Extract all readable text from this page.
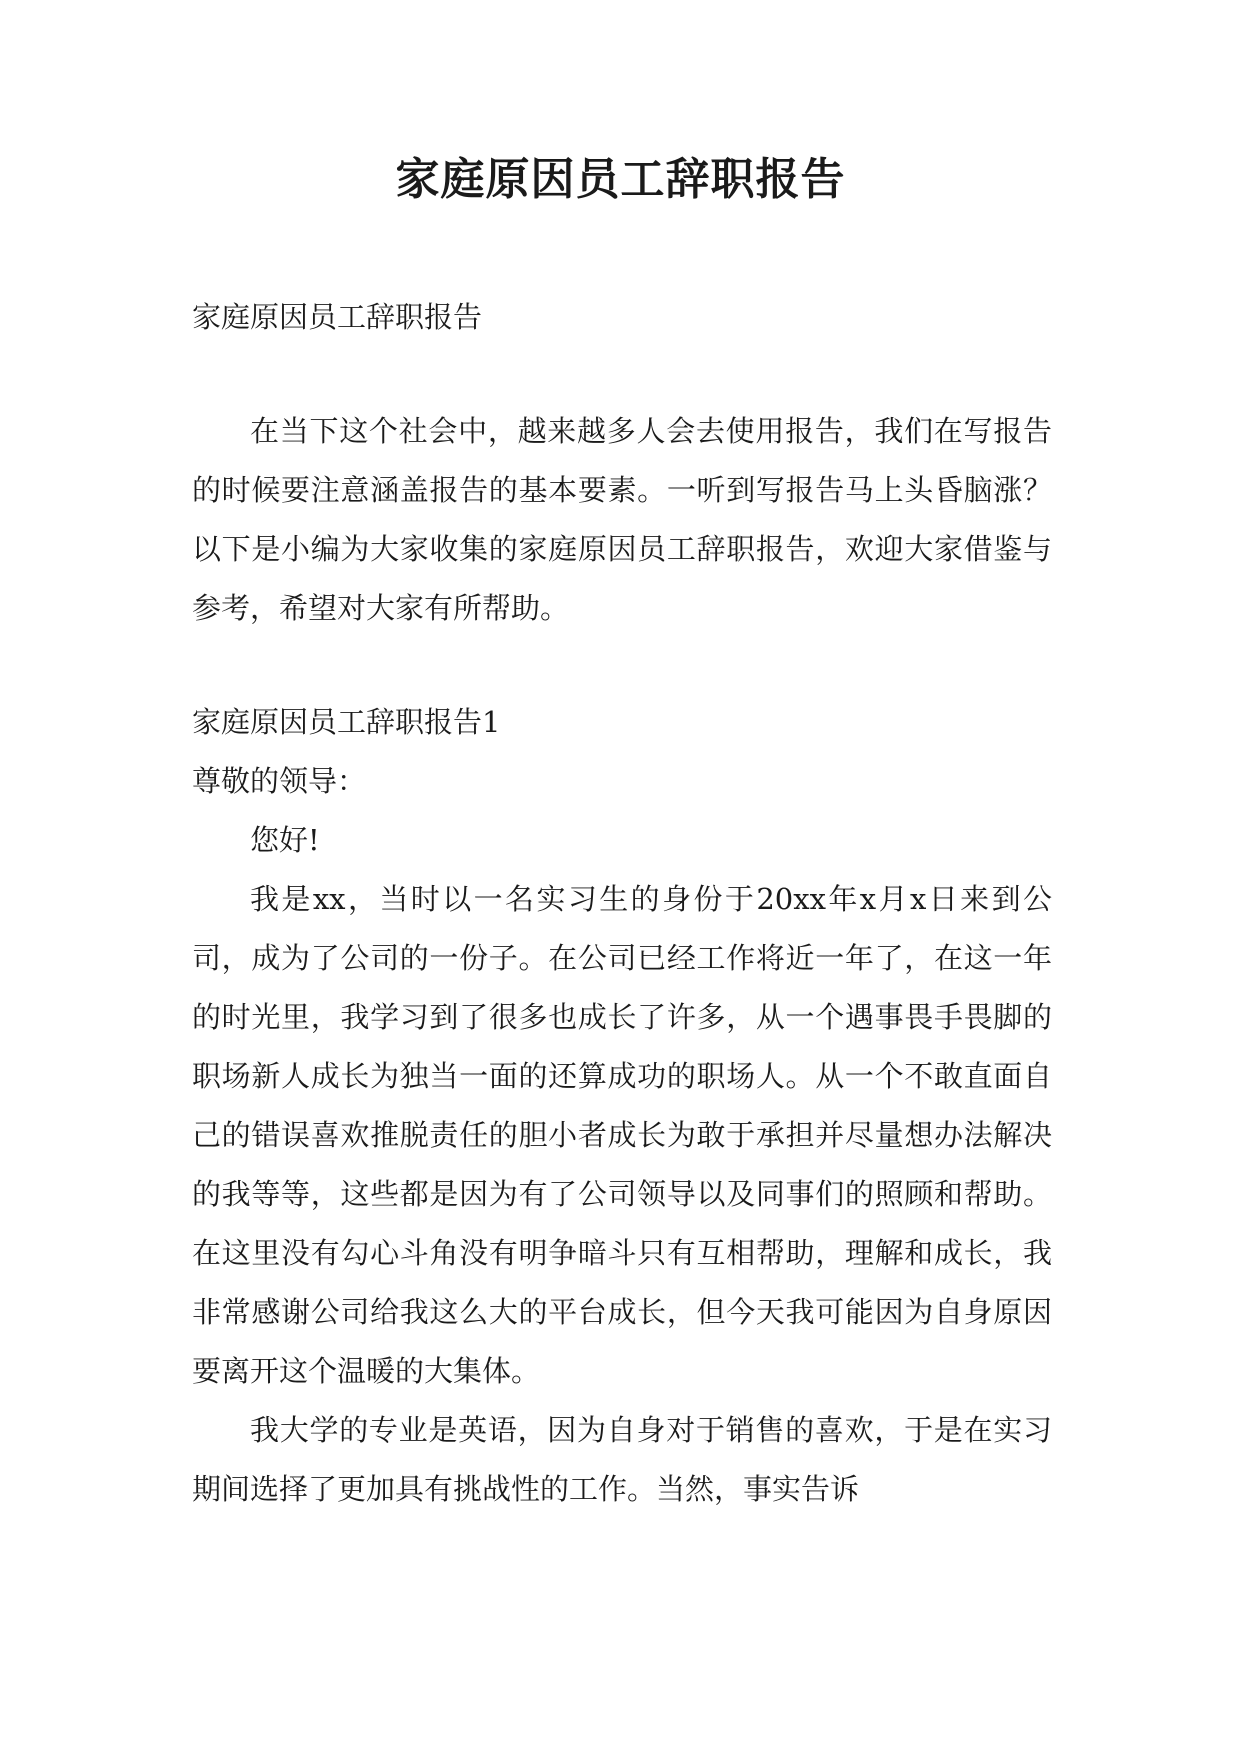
家庭原因员工辞职报告

家庭原因员工辞职报告

在当下这个社会中，越来越多人会去使用报告，我们在写报告的时候要注意涵盖报告的基本要素。一听到写报告马上头昏脑涨？以下是小编为大家收集的家庭原因员工辞职报告，欢迎大家借鉴与参考，希望对大家有所帮助。

家庭原因员工辞职报告1

尊敬的领导：

您好!

我是xx，当时以一名实习生的身份于20xx年x月x日来到公司，成为了公司的一份子。在公司已经工作将近一年了，在这一年的时光里，我学习到了很多也成长了许多，从一个遇事畏手畏脚的职场新人成长为独当一面的还算成功的职场人。从一个不敢直面自己的错误喜欢推脱责任的胆小者成长为敢于承担并尽量想办法解决的我等等，这些都是因为有了公司领导以及同事们的照顾和帮助。在这里没有勾心斗角没有明争暗斗只有互相帮助，理解和成长，我非常感谢公司给我这么大的平台成长，但今天我可能因为自身原因要离开这个温暖的大集体。

我大学的专业是英语，因为自身对于销售的喜欢，于是在实习期间选择了更加具有挑战性的工作。当然，事实告诉
